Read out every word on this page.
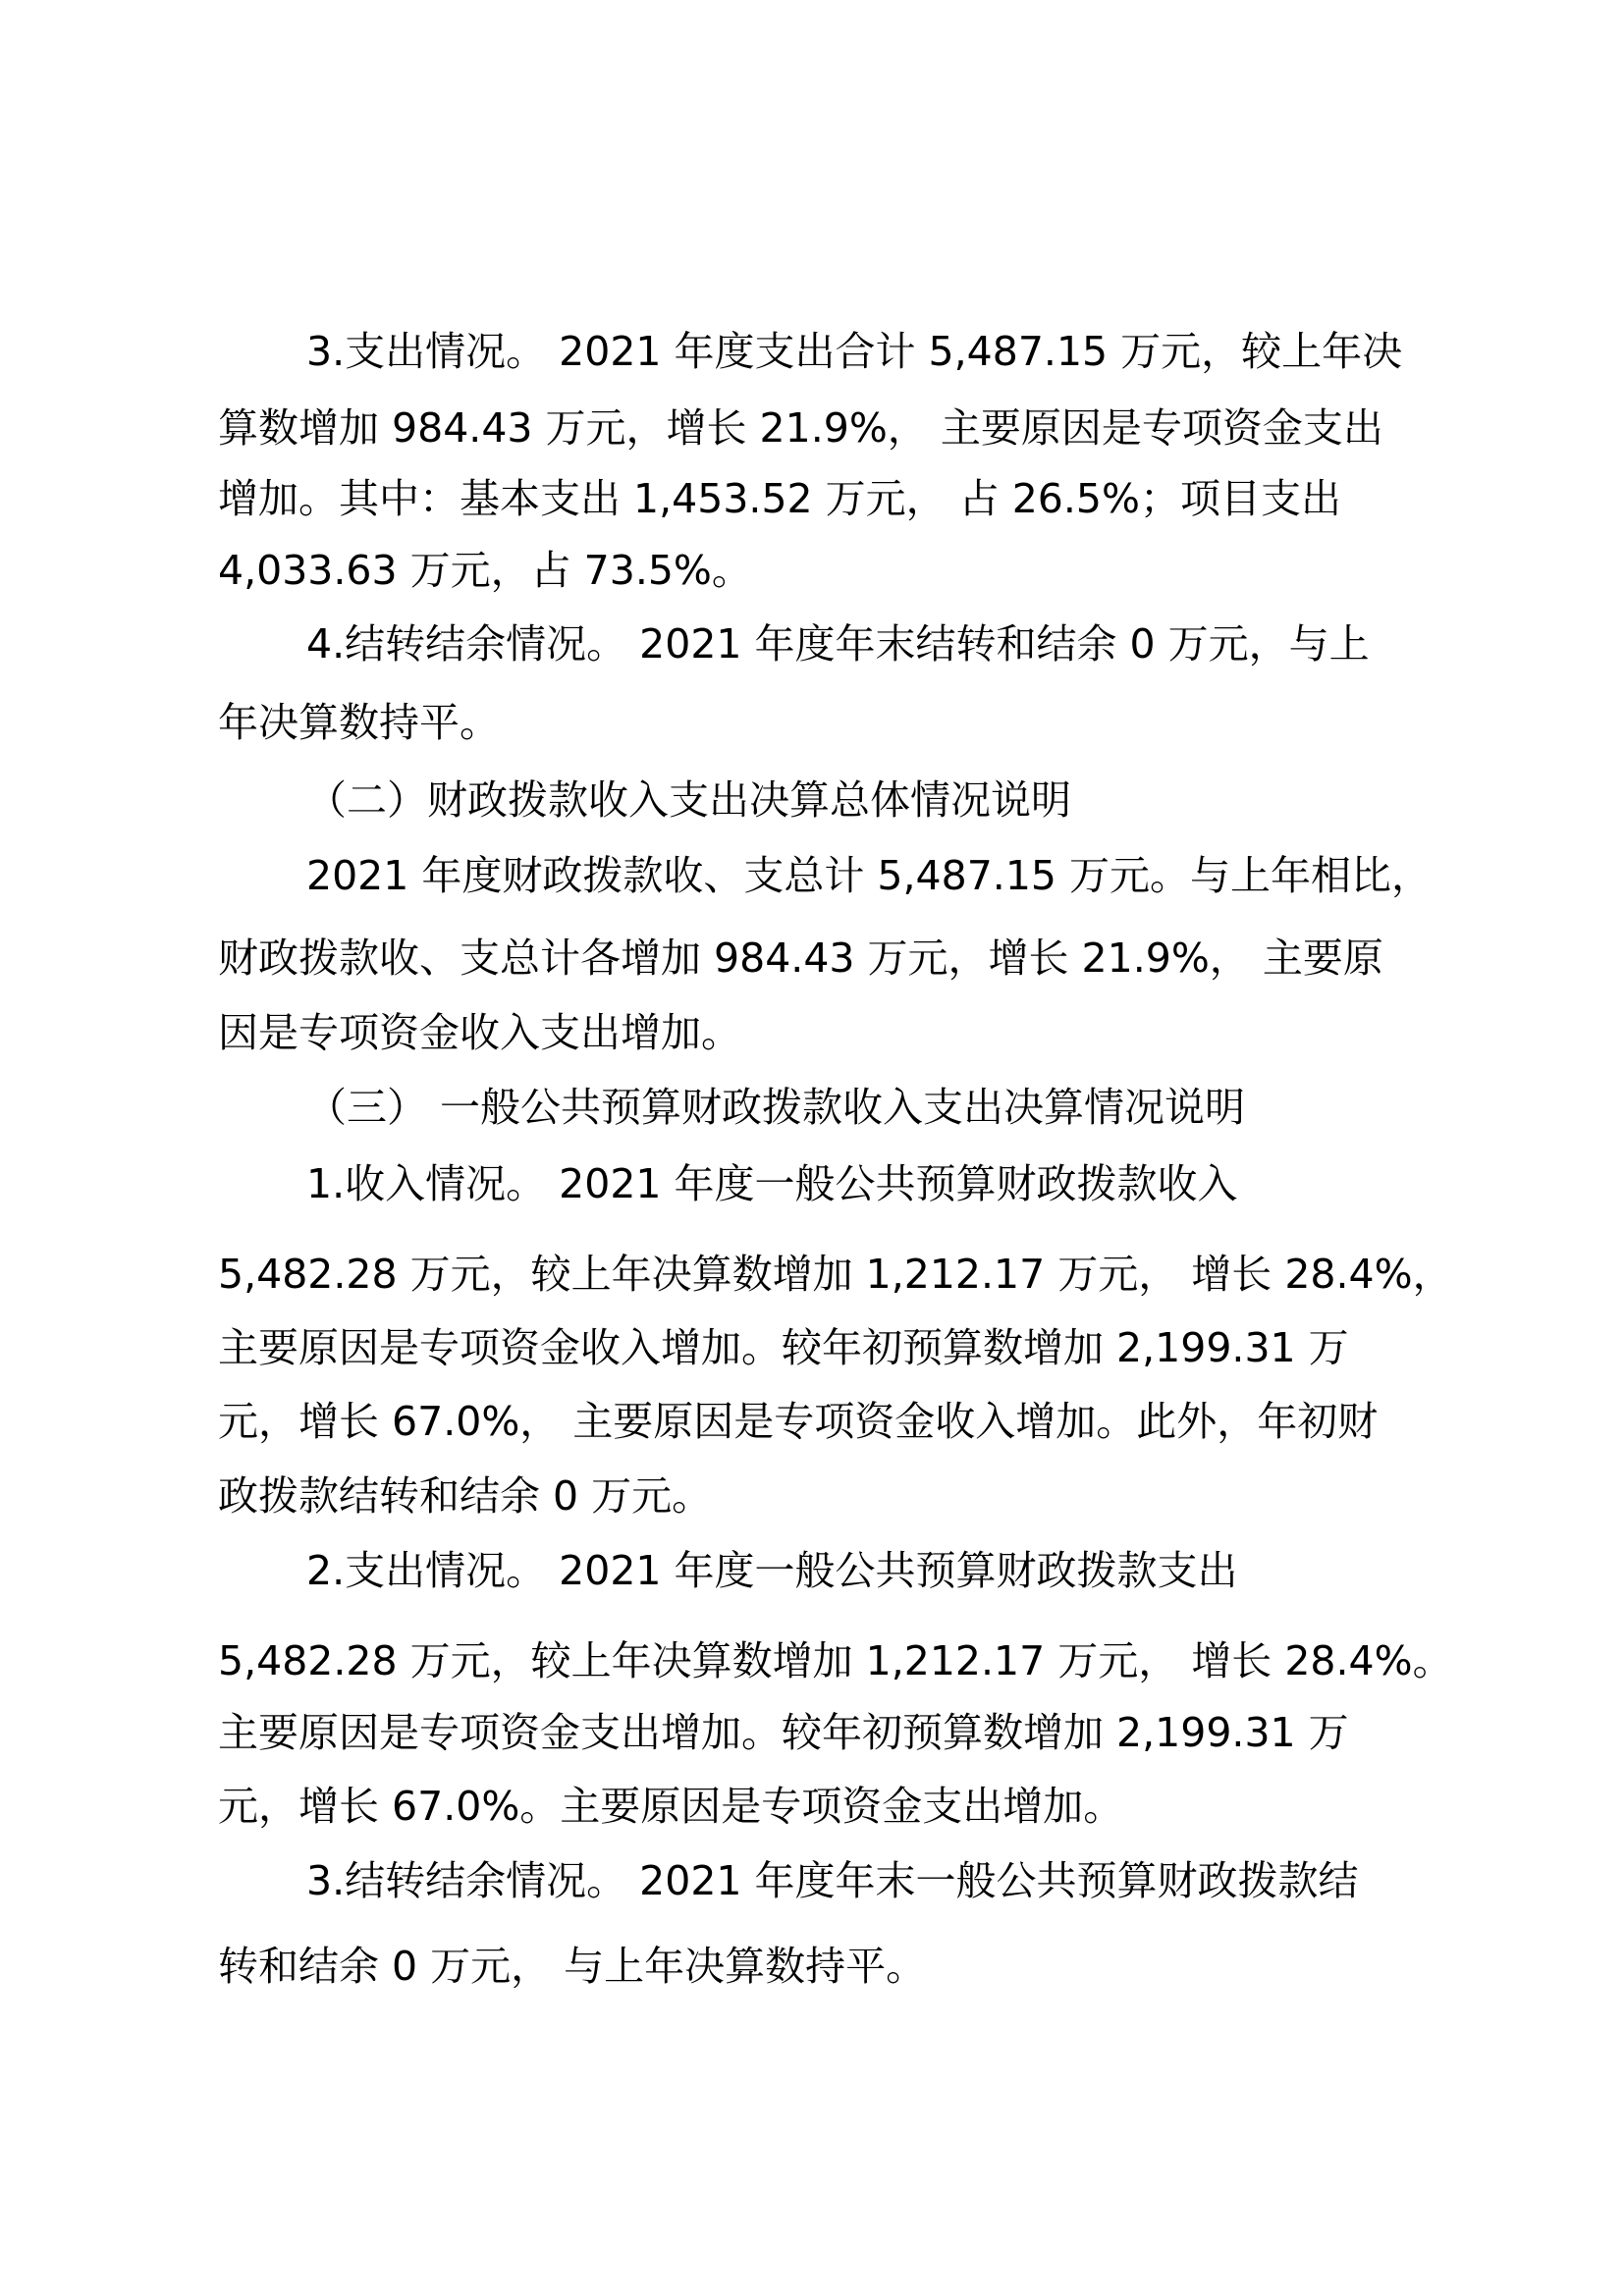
3.支出情况。 2021 年度支出合计 5,487.15 万元，较上年决

算数增加 984.43 万元，增长 21.9%， 主要原因是专项资金支出

增加。其中：基本支出 1,453.52 万元， 占 26.5%；项目支出

4,033.63 万元，占 73.5%。

4.结转结余情况。 2021 年度年末结转和结余 0 万元，与上

年决算数持平。

（二）财政拨款收入支出决算总体情况说明

2021 年度财政拨款收、支总计 5,487.15 万元。与上年相比，

财政拨款收、支总计各增加 984.43 万元，增长 21.9%， 主要原

因是专项资金收入支出增加。

（三） 一般公共预算财政拨款收入支出决算情况说明

1.收入情况。 2021 年度一般公共预算财政拨款收入

5,482.28 万元，较上年决算数增加 1,212.17 万元， 增长 28.4%，

主要原因是专项资金收入增加。较年初预算数增加 2,199.31 万

元，增长 67.0%， 主要原因是专项资金收入增加。此外，年初财

政拨款结转和结余 0 万元。

2.支出情况。 2021 年度一般公共预算财政拨款支出

5,482.28 万元，较上年决算数增加 1,212.17 万元， 增长 28.4%。

主要原因是专项资金支出增加。较年初预算数增加 2,199.31 万

元，增长 67.0%。主要原因是专项资金支出增加。

3.结转结余情况。 2021 年度年末一般公共预算财政拨款结

转和结余 0 万元， 与上年决算数持平。
